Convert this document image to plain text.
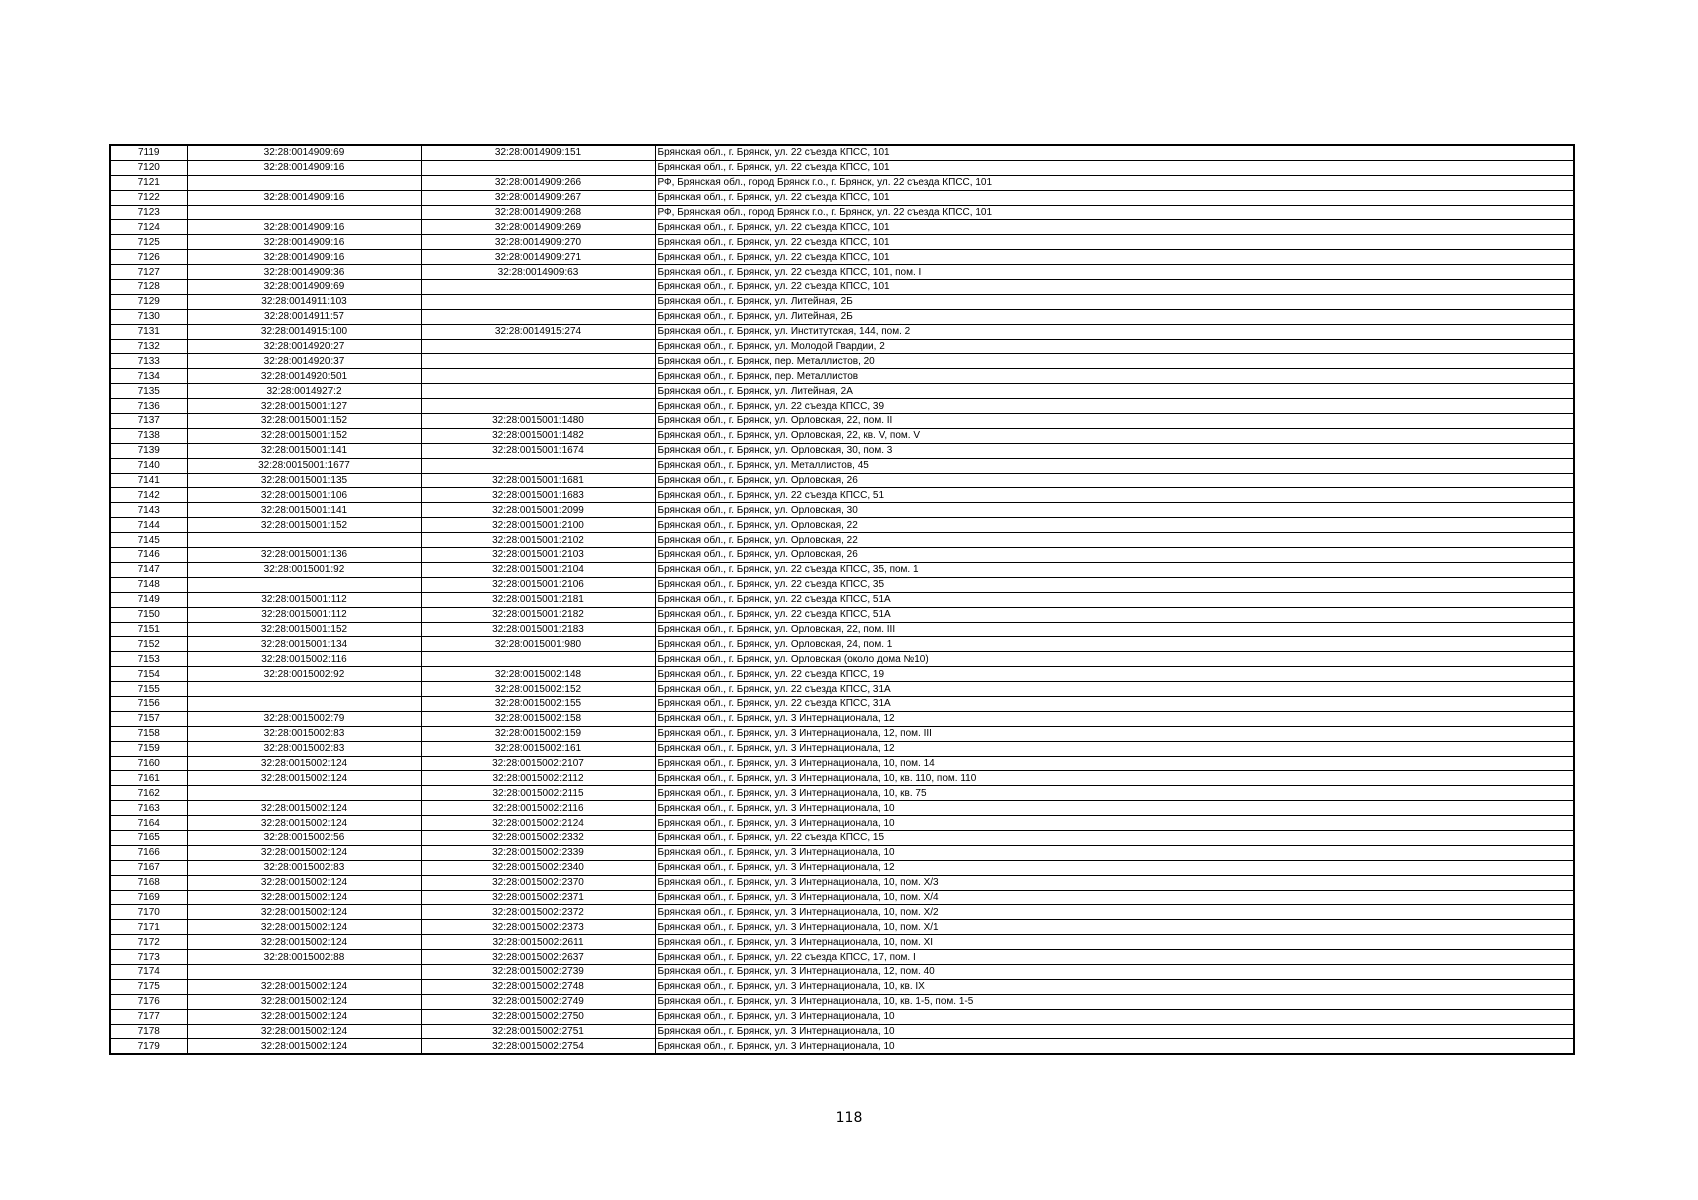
7119	32:28:0014909:69	32:28:0014909:151	Брянская обл., г. Брянск, ул. 22 съезда КПСС, 101
7120	32:28:0014909:16		Брянская обл., г. Брянск, ул. 22 съезда КПСС, 101
7121		32:28:0014909:266	РФ, Брянская обл., город Брянск г.о., г. Брянск, ул. 22 съезда КПСС, 101
7122	32:28:0014909:16	32:28:0014909:267	Брянская обл., г. Брянск, ул. 22 съезда КПСС, 101
7123		32:28:0014909:268	РФ, Брянская обл., город Брянск г.о., г. Брянск, ул. 22 съезда КПСС, 101
7124	32:28:0014909:16	32:28:0014909:269	Брянская обл., г. Брянск, ул. 22 съезда КПСС, 101
7125	32:28:0014909:16	32:28:0014909:270	Брянская обл., г. Брянск, ул. 22 съезда КПСС, 101
7126	32:28:0014909:16	32:28:0014909:271	Брянская обл., г. Брянск, ул. 22 съезда КПСС, 101
7127	32:28:0014909:36	32:28:0014909:63	Брянская обл., г. Брянск, ул. 22 съезда КПСС, 101, пом. I
7128	32:28:0014909:69		Брянская обл., г. Брянск, ул. 22 съезда КПСС, 101
7129	32:28:0014911:103		Брянская обл., г. Брянск, ул. Литейная, 2Б
7130	32:28:0014911:57		Брянская обл., г. Брянск, ул. Литейная, 2Б
7131	32:28:0014915:100	32:28:0014915:274	Брянская обл., г. Брянск, ул. Институтская, 144, пом. 2
7132	32:28:0014920:27		Брянская обл., г. Брянск, ул. Молодой Гвардии, 2
7133	32:28:0014920:37		Брянская обл., г. Брянск, пер. Металлистов, 20
7134	32:28:0014920:501		Брянская обл., г. Брянск, пер. Металлистов
7135	32:28:0014927:2		Брянская обл., г. Брянск, ул. Литейная, 2А
7136	32:28:0015001:127		Брянская обл., г. Брянск, ул. 22 съезда КПСС, 39
7137	32:28:0015001:152	32:28:0015001:1480	Брянская обл., г. Брянск, ул. Орловская, 22, пом. II
7138	32:28:0015001:152	32:28:0015001:1482	Брянская обл., г. Брянск, ул. Орловская, 22, кв. V, пом. V
7139	32:28:0015001:141	32:28:0015001:1674	Брянская обл., г. Брянск, ул. Орловская, 30, пом. 3
7140	32:28:0015001:1677		Брянская обл., г. Брянск, ул. Металлистов, 45
7141	32:28:0015001:135	32:28:0015001:1681	Брянская обл., г. Брянск, ул. Орловская, 26
7142	32:28:0015001:106	32:28:0015001:1683	Брянская обл., г. Брянск, ул. 22 съезда КПСС, 51
7143	32:28:0015001:141	32:28:0015001:2099	Брянская обл., г. Брянск, ул. Орловская, 30
7144	32:28:0015001:152	32:28:0015001:2100	Брянская обл., г. Брянск, ул. Орловская, 22
7145		32:28:0015001:2102	Брянская обл., г. Брянск, ул. Орловская, 22
7146	32:28:0015001:136	32:28:0015001:2103	Брянская обл., г. Брянск, ул. Орловская, 26
7147	32:28:0015001:92	32:28:0015001:2104	Брянская обл., г. Брянск, ул. 22 съезда КПСС, 35, пом. 1
7148		32:28:0015001:2106	Брянская обл., г. Брянск, ул. 22 съезда КПСС, 35
7149	32:28:0015001:112	32:28:0015001:2181	Брянская обл., г. Брянск, ул. 22 съезда КПСС, 51А
7150	32:28:0015001:112	32:28:0015001:2182	Брянская обл., г. Брянск, ул. 22 съезда КПСС, 51А
7151	32:28:0015001:152	32:28:0015001:2183	Брянская обл., г. Брянск, ул. Орловская, 22, пом. III
7152	32:28:0015001:134	32:28:0015001:980	Брянская обл., г. Брянск, ул. Орловская, 24, пом. 1
7153	32:28:0015002:116		Брянская обл., г. Брянск, ул. Орловская (около дома №10)
7154	32:28:0015002:92	32:28:0015002:148	Брянская обл., г. Брянск, ул. 22 съезда КПСС, 19
7155		32:28:0015002:152	Брянская обл., г. Брянск, ул. 22 съезда КПСС, 31А
7156		32:28:0015002:155	Брянская обл., г. Брянск, ул. 22 съезда КПСС, 31А
7157	32:28:0015002:79	32:28:0015002:158	Брянская обл., г. Брянск, ул. 3 Интернационала, 12
7158	32:28:0015002:83	32:28:0015002:159	Брянская обл., г. Брянск, ул. 3 Интернационала, 12, пом. III
7159	32:28:0015002:83	32:28:0015002:161	Брянская обл., г. Брянск, ул. 3 Интернационала, 12
7160	32:28:0015002:124	32:28:0015002:2107	Брянская обл., г. Брянск, ул. 3 Интернационала, 10, пом. 14
7161	32:28:0015002:124	32:28:0015002:2112	Брянская обл., г. Брянск, ул. 3 Интернационала, 10, кв. 110, пом. 110
7162		32:28:0015002:2115	Брянская обл., г. Брянск, ул. 3 Интернационала, 10, кв. 75
7163	32:28:0015002:124	32:28:0015002:2116	Брянская обл., г. Брянск, ул. 3 Интернационала, 10
7164	32:28:0015002:124	32:28:0015002:2124	Брянская обл., г. Брянск, ул. 3 Интернационала, 10
7165	32:28:0015002:56	32:28:0015002:2332	Брянская обл., г. Брянск, ул. 22 съезда КПСС, 15
7166	32:28:0015002:124	32:28:0015002:2339	Брянская обл., г. Брянск, ул. 3 Интернационала, 10
7167	32:28:0015002:83	32:28:0015002:2340	Брянская обл., г. Брянск, ул. 3 Интернационала, 12
7168	32:28:0015002:124	32:28:0015002:2370	Брянская обл., г. Брянск, ул. 3 Интернационала, 10, пом. Х/3
7169	32:28:0015002:124	32:28:0015002:2371	Брянская обл., г. Брянск, ул. 3 Интернационала, 10, пом. Х/4
7170	32:28:0015002:124	32:28:0015002:2372	Брянская обл., г. Брянск, ул. 3 Интернационала, 10, пом. Х/2
7171	32:28:0015002:124	32:28:0015002:2373	Брянская обл., г. Брянск, ул. 3 Интернационала, 10, пом. Х/1
7172	32:28:0015002:124	32:28:0015002:2611	Брянская обл., г. Брянск, ул. 3 Интернационала, 10, пом. XI
7173	32:28:0015002:88	32:28:0015002:2637	Брянская обл., г. Брянск, ул. 22 съезда КПСС, 17, пом. I
7174		32:28:0015002:2739	Брянская обл., г. Брянск, ул. 3 Интернационала, 12, пом. 40
7175	32:28:0015002:124	32:28:0015002:2748	Брянская обл., г. Брянск, ул. 3 Интернационала, 10, кв. IX
7176	32:28:0015002:124	32:28:0015002:2749	Брянская обл., г. Брянск, ул. 3 Интернационала, 10, кв. 1-5, пом. 1-5
7177	32:28:0015002:124	32:28:0015002:2750	Брянская обл., г. Брянск, ул. 3 Интернационала, 10
7178	32:28:0015002:124	32:28:0015002:2751	Брянская обл., г. Брянск, ул. 3 Интернационала, 10
7179	32:28:0015002:124	32:28:0015002:2754	Брянская обл., г. Брянск, ул. 3 Интернационала, 10
118
